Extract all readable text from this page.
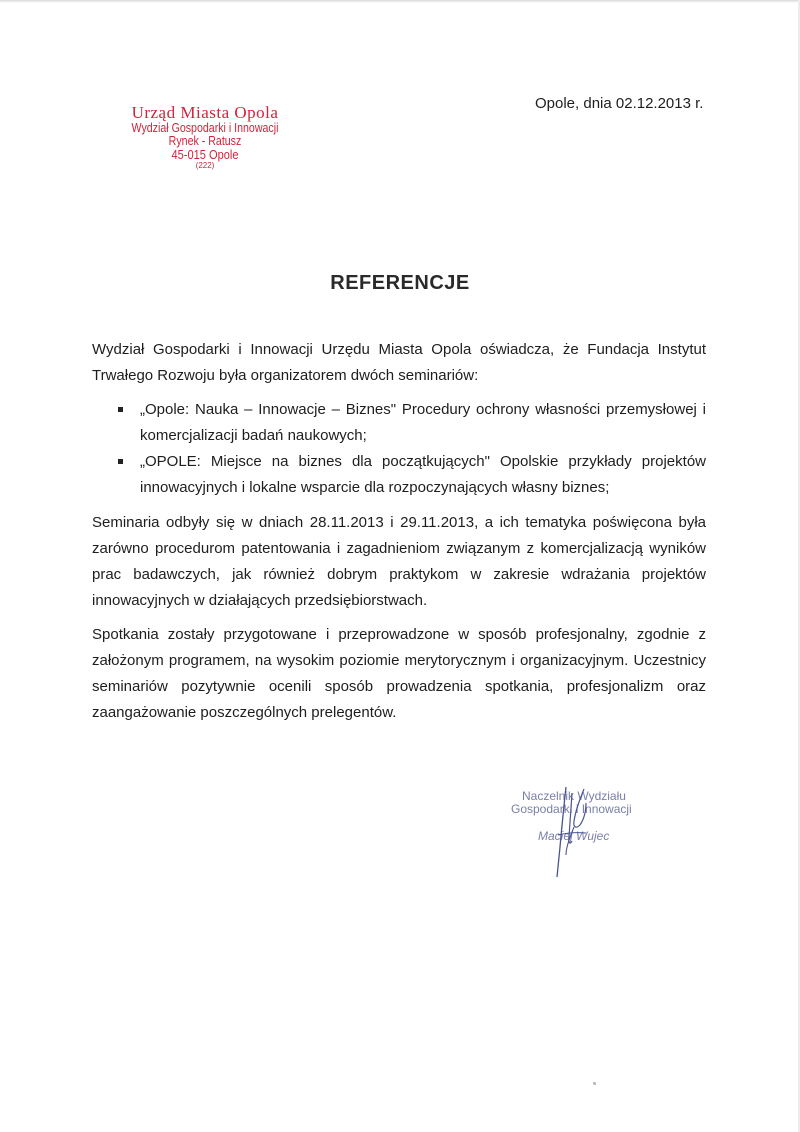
Urząd Miasta Opola
Wydział Gospodarki i Innowacji
Rynek - Ratusz
45-015 Opole
(222)
Opole, dnia 02.12.2013 r.
REFERENCJE
Wydział Gospodarki i Innowacji Urzędu Miasta Opola oświadcza, że Fundacja Instytut Trwałego Rozwoju była organizatorem dwóch seminariów:
„Opole: Nauka – Innowacje – Biznes" Procedury ochrony własności przemysłowej i komercjalizacji badań naukowych;
„OPOLE: Miejsce na biznes dla początkujących" Opolskie przykłady projektów innowacyjnych i lokalne wsparcie dla rozpoczynających własny biznes;
Seminaria odbyły się w dniach 28.11.2013 i 29.11.2013, a ich tematyka poświęcona była zarówno procedurom patentowania i zagadnieniom związanym z komercjalizacją wyników prac badawczych, jak również dobrym praktykom w zakresie wdrażania projektów innowacyjnych w działających przedsiębiorstwach.
Spotkania zostały przygotowane i przeprowadzone w sposób profesjonalny, zgodnie z założonym programem, na wysokim poziomie merytorycznym i organizacyjnym. Uczestnicy seminariów pozytywnie ocenili sposób prowadzenia spotkania, profesjonalizm oraz zaangażowanie poszczególnych prelegentów.
Naczelnik Wydziału
Gospodarki i Innowacji
Maciej Wujec
